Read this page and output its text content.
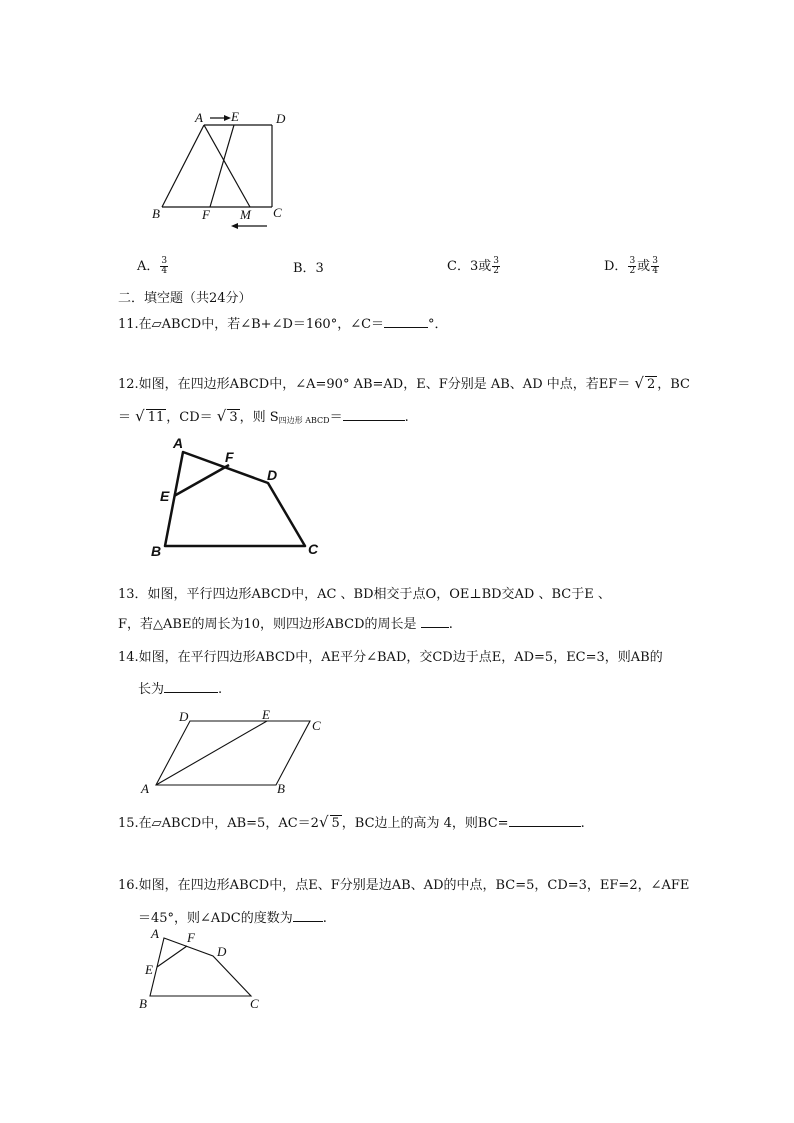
A E	D
B	F M C
A． $\frac{3}{4}$	B．3	C．3或 $\frac{3}{2}$	D． $\frac{3}{2}$ 或 $\frac{3}{4}$
二．填空题（共24分）
11.在▱ABCD中，若∠B+∠D＝160°，∠C＝	°．
12.如图，在四边形ABCD中，∠A=90° AB=AD，E、F分别是 AB、AD 中点，若EF＝ √ 2 ，BC
＝ √ 11 ，CD＝ √ 3 ，则 $S_{四边形 ABCD}=$	.
A
F
D
E
B	C
13．如图，平行四边形ABCD中，AC 、BD相交于点O，OE⊥BD交AD 、BC于E 、
F，若△ABE的周长为10，则四边形ABCD的周长是 .
14.如图，在平行四边形ABCD中，AE平分∠BAD，交CD边于点E，AD=5，EC=3，则AB的
长为	.
D	E
C
A	B
15.在▱ABCD中，AB=5，AC＝2√ 5 ，BC边上的高为 4，则BC=	.
16.如图，在四边形ABCD中，点E、F分别是边AB、AD的中点，BC=5，CD=3，EF=2，∠AFE
＝45°，则∠ADC的度数为 .
A F
D
E
B	C
